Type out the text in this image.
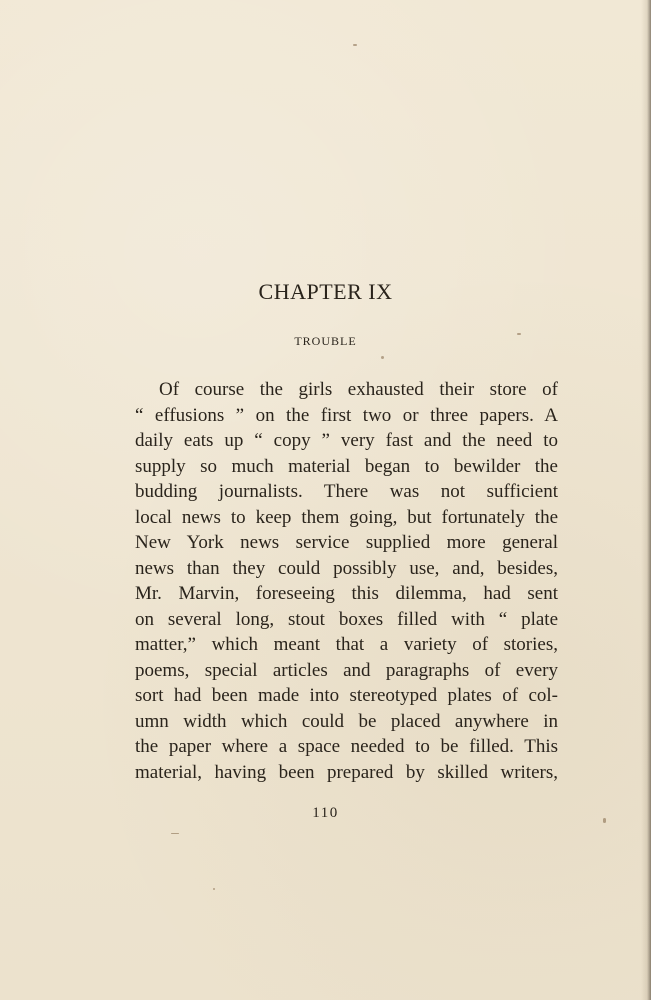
CHAPTER IX
TROUBLE
Of course the girls exhausted their store of
“ effusions ” on the first two or three papers. A
daily eats up “ copy ” very fast and the need to
supply so much material began to bewilder the
budding journalists. There was not sufficient
local news to keep them going, but fortunately the
New York news service supplied more general
news than they could possibly use, and, besides,
Mr. Marvin, foreseeing this dilemma, had sent
on several long, stout boxes filled with “ plate
matter,” which meant that a variety of stories,
poems, special articles and paragraphs of every
sort had been made into stereotyped plates of col-
umn width which could be placed anywhere in
the paper where a space needed to be filled. This
material, having been prepared by skilled writers,
110
